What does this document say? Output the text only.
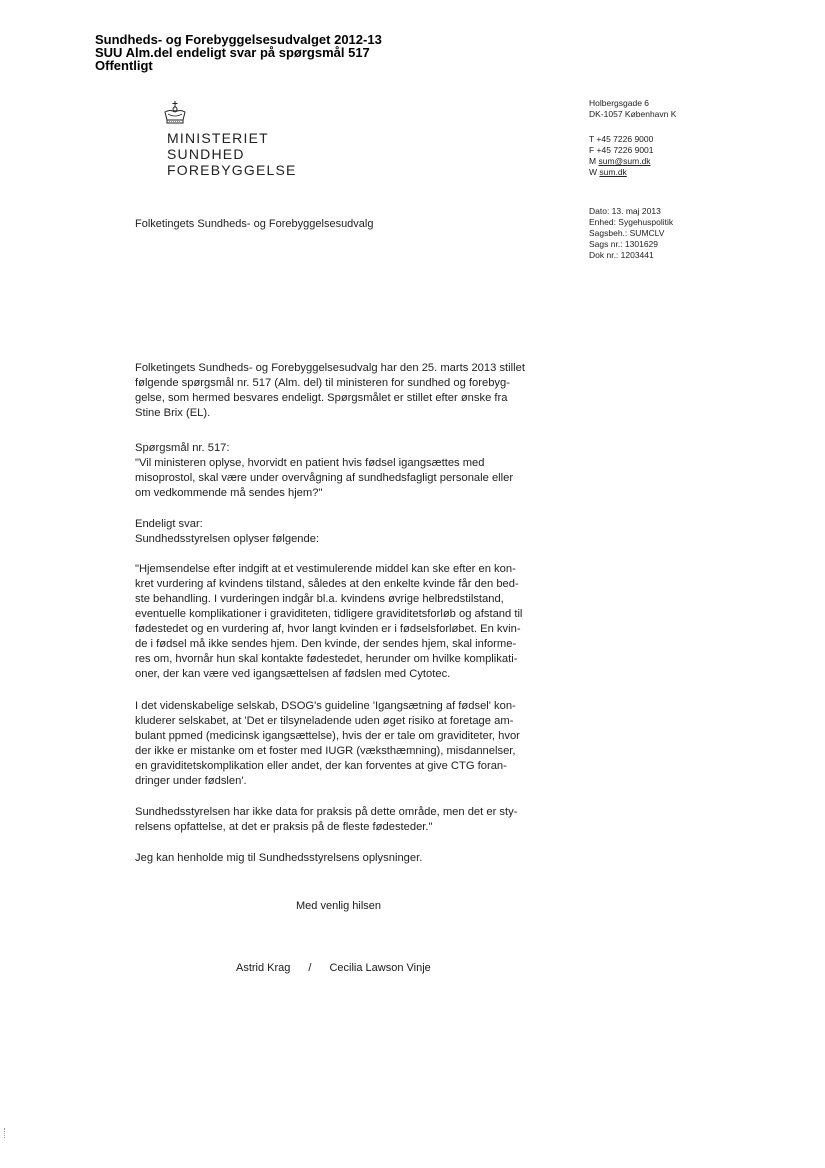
Sundheds- og Forebyggelsesudvalget 2012-13
SUU Alm.del endeligt svar på spørgsmål 517
Offentligt
MINISTERIET
SUNDHED
FOREBYGGELSE
Holbergsgade 6
DK-1057 København K
T +45 7226 9000
F +45 7226 9001
M sum@sum.dk
W sum.dk
Dato: 13. maj 2013
Enhed: Sygehuspolitik
Sagsbeh.: SUMCLV
Sags nr.: 1301629
Dok nr.: 1203441
Folketingets Sundheds- og Forebyggelsesudvalg
Folketingets Sundheds- og Forebyggelsesudvalg har den 25. marts 2013 stillet
følgende spørgsmål nr. 517 (Alm. del) til ministeren for sundhed og forebyg-
gelse, som hermed besvares endeligt. Spørgsmålet er stillet efter ønske fra
Stine Brix (EL).
Spørgsmål nr. 517:
"Vil ministeren oplyse, hvorvidt en patient hvis fødsel igangsættes med
misoprostol, skal være under overvågning af sundhedsfagligt personale eller
om vedkommende må sendes hjem?"
Endeligt svar:
Sundhedsstyrelsen oplyser følgende:
"Hjemsendelse efter indgift at et vestimulerende middel kan ske efter en kon-
kret vurdering af kvindens tilstand, således at den enkelte kvinde får den bed-
ste behandling. I vurderingen indgår bl.a. kvindens øvrige helbredstilstand,
eventuelle komplikationer i graviditeten, tidligere graviditetsforløb og afstand til
fødestedet og en vurdering af, hvor langt kvinden er i fødselsforløbet. En kvin-
de i fødsel må ikke sendes hjem. Den kvinde, der sendes hjem, skal informe-
res om, hvornår hun skal kontakte fødestedet, herunder om hvilke komplikati-
oner, der kan være ved igangsættelsen af fødslen med Cytotec.
I det videnskabelige selskab, DSOG's guideline 'Igangsætning af fødsel' kon-
kluderer selskabet, at 'Det er tilsyneladende uden øget risiko at foretage am-
bulant ppmed (medicinsk igangsættelse), hvis der er tale om graviditeter, hvor
der ikke er mistanke om et foster med IUGR (væksthæmning), misdannelser,
en graviditetskomplikation eller andet, der kan forventes at give CTG foran-
dringer under fødslen'.
Sundhedsstyrelsen har ikke data for praksis på dette område, men det er sty-
relsens opfattelse, at det er praksis på de fleste fødesteder."
Jeg kan henholde mig til Sundhedsstyrelsens oplysninger.
Med venlig hilsen
Astrid Krag / Cecilia Lawson Vinje
